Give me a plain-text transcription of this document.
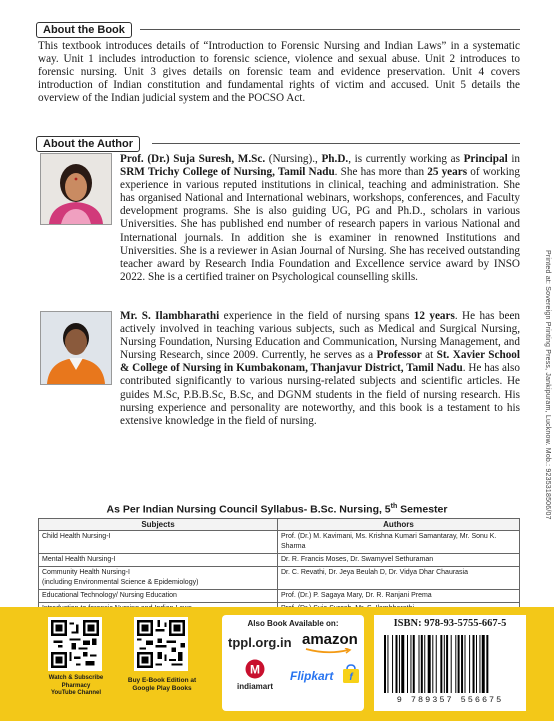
About the Book
This textbook introduces details of “Introduction to Forensic Nursing and Indian Laws” in a systematic way. Unit 1 includes introduction to forensic science, violence and sexual abuse. Unit 2 introduces to forensic nursing. Unit 3 gives details on forensic team and evidence preservation. Unit 4 covers introduction of Indian constitution and fundamental rights of victim and accused. Unit 5 details the overview of the Indian judicial system and the POCSO Act.
About the Author
Prof. (Dr.) Suja Suresh, M.Sc. (Nursing)., Ph.D., is currently working as Principal in SRM Trichy College of Nursing, Tamil Nadu. She has more than 25 years of working experience in various reputed institutions in clinical, teaching and administration. She has organised National and International webinars, workshops, conferences, and Faculty development programs. She is also guiding UG, PG and Ph.D., scholars in various Universities. She has published end number of research papers in various National and International journals. In addition she is examiner in renowned Institutions and Universities. She is a reviewer in Asian Journal of Nursing. She has received outstanding teacher award by Research India Foundation and Excellence service award by INSO 2022. She is a certified trainer on Psychological counselling skills.
Mr. S. Ilambharathi experience in the field of nursing spans 12 years. He has been actively involved in teaching various subjects, such as Medical and Surgical Nursing, Nursing Foundation, Nursing Education and Communication, Nursing Management, and Nursing Research, since 2009. Currently, he serves as a Professor at St. Xavier School & College of Nursing in Kumbakonam, Thanjavur District, Tamil Nadu. He has also contributed significantly to various nursing-related subjects and scientific articles. He guides M.Sc, P.B.B.Sc, B.Sc, and DGNM students in the field of nursing research. His nursing experience and personality are noteworthy, and this book is a testament to his extensive knowledge in the field of nursing.	Printed at: Sovereign Printing Press, Jankipuram, Lucknow. Mob.: 9235318506/07
As Per Indian Nursing Council Syllabus- B.Sc. Nursing, 5th Semester
Subjects	Authors
Child Health Nursing-I	Prof. (Dr.) M. Kavimani, Ms. Krishna Kumari Samantaray, Mr. Sonu K. Sharma
Mental Health Nursing-I	Dr. R. Francis Moses, Dr. Swamyvel Sethuraman
Community Health Nursing-I
(including Environmental Science & Epidemiology)	Dr. C. Revathi, Dr. Jeya Beulah D, Dr. Vidya Dhar Chaurasia
Educational Technology/ Nursing Education	Prof. (Dr.) P. Sagaya Mary, Dr. R. Ranjani Prema

Watch & Subscribe
Pharmacy
YouTube Channel
Buy E-Book Edition at
Google Play Books
Also Book Available on:
tppl.org.in amazon
M
indiamart
Flipkart f
ISBN: 978-93-5755-667-5
9 789357 556675
